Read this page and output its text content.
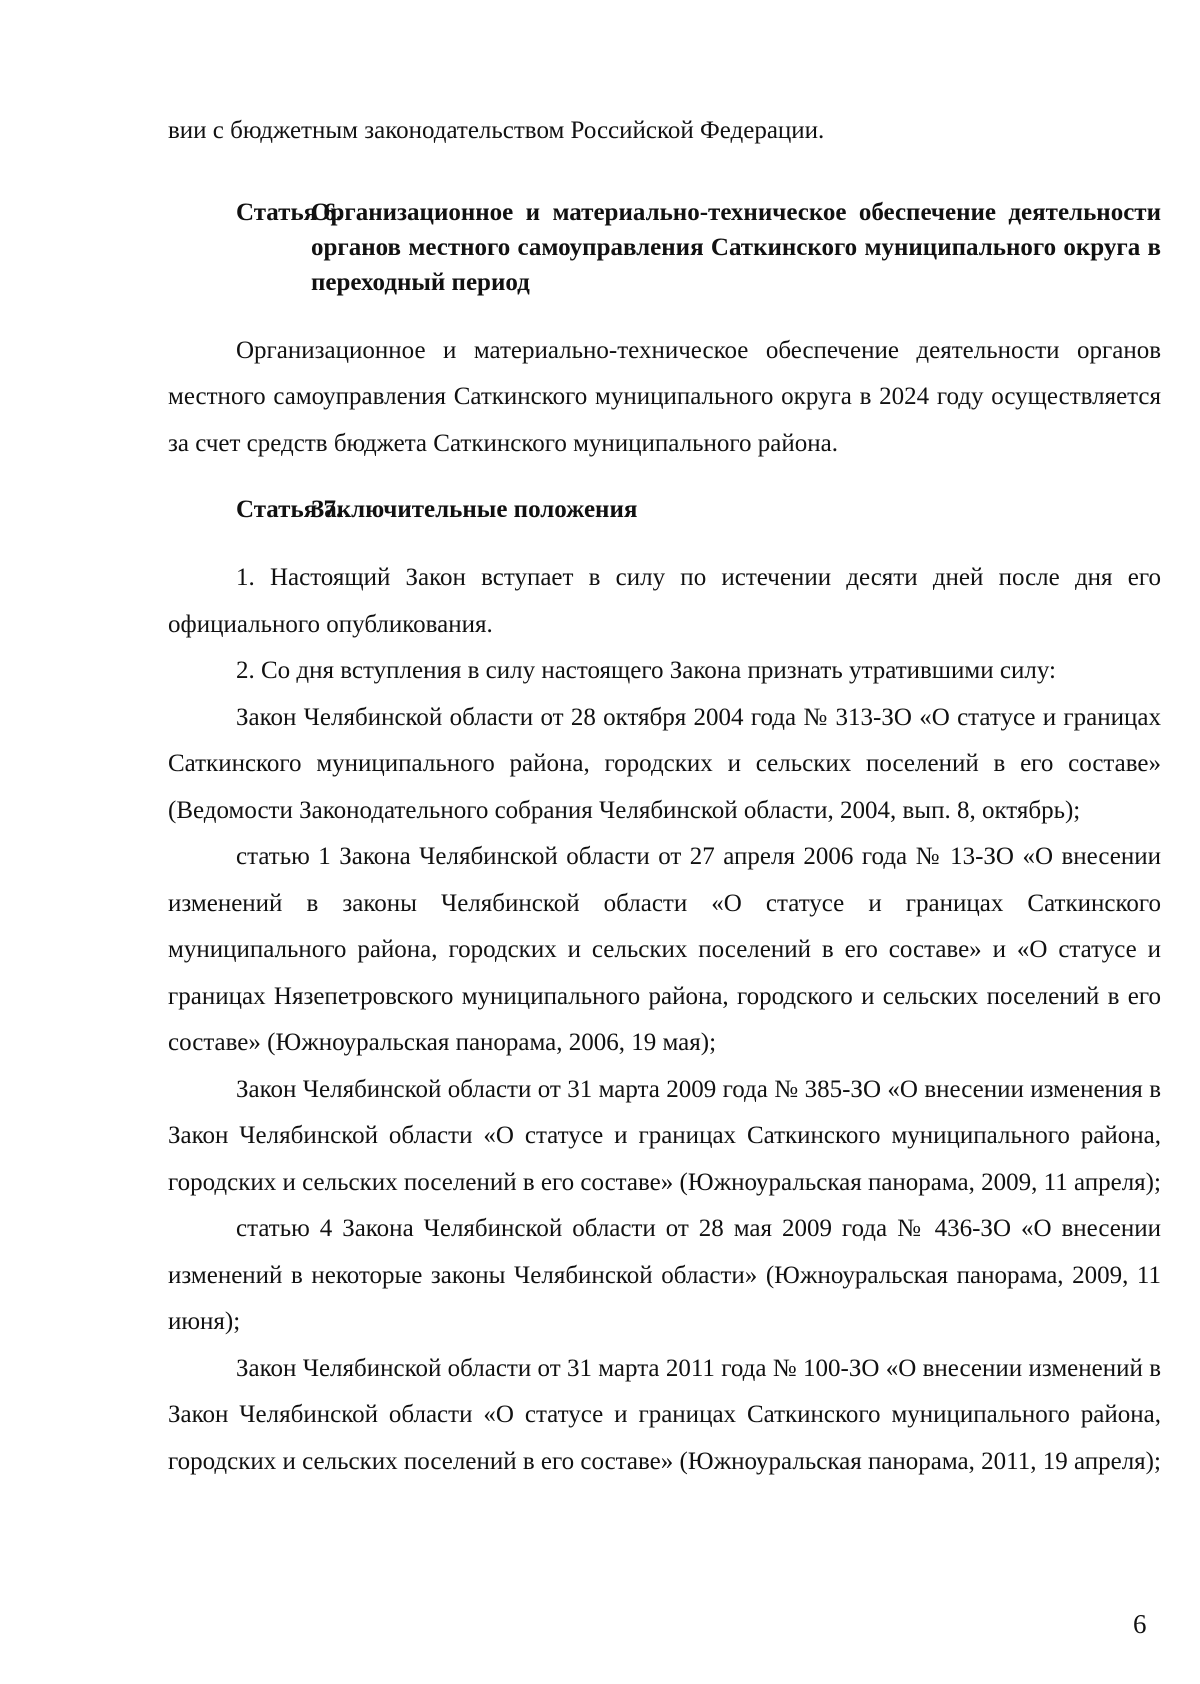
вии с бюджетным законодательством Российской Федерации.

Статья 6.
Организационное и материально-техническое обеспечение деятельности органов местного самоуправления Саткинского муниципального округа в переходный период

Организационное и материально-техническое обеспечение деятельности органов местного самоуправления Саткинского муниципального округа в 2024 году осуществляется за счет средств бюджета Саткинского муниципального района.

Статья 7.
Заключительные положения

1. Настоящий Закон вступает в силу по истечении десяти дней после дня его официального опубликования.

2. Со дня вступления в силу настоящего Закона признать утратившими силу:

Закон Челябинской области от 28 октября 2004 года № 313-ЗО «О статусе и границах Саткинского муниципального района, городских и сельских поселений в его составе» (Ведомости Законодательного собрания Челябинской области, 2004, вып. 8, октябрь);

статью 1 Закона Челябинской области от 27 апреля 2006 года № 13-ЗО «О внесении изменений в законы Челябинской области «О статусе и границах Саткинского муниципального района, городских и сельских поселений в его составе» и «О статусе и границах Нязепетровского муниципального района, городского и сельских поселений в его составе» (Южноуральская панорама, 2006, 19 мая);

Закон Челябинской области от 31 марта 2009 года № 385-ЗО «О внесении изменения в Закон Челябинской области «О статусе и границах Саткинского муниципального района, городских и сельских поселений в его составе» (Южноуральская панорама, 2009, 11 апреля);

статью 4 Закона Челябинской области от 28 мая 2009 года № 436-ЗО «О внесении изменений в некоторые законы Челябинской области» (Южноуральская панорама, 2009, 11 июня);

Закон Челябинской области от 31 марта 2011 года № 100-ЗО «О внесении изменений в Закон Челябинской области «О статусе и границах Саткинского муниципального района, городских и сельских поселений в его составе» (Южноуральская панорама, 2011, 19 апреля);

6
